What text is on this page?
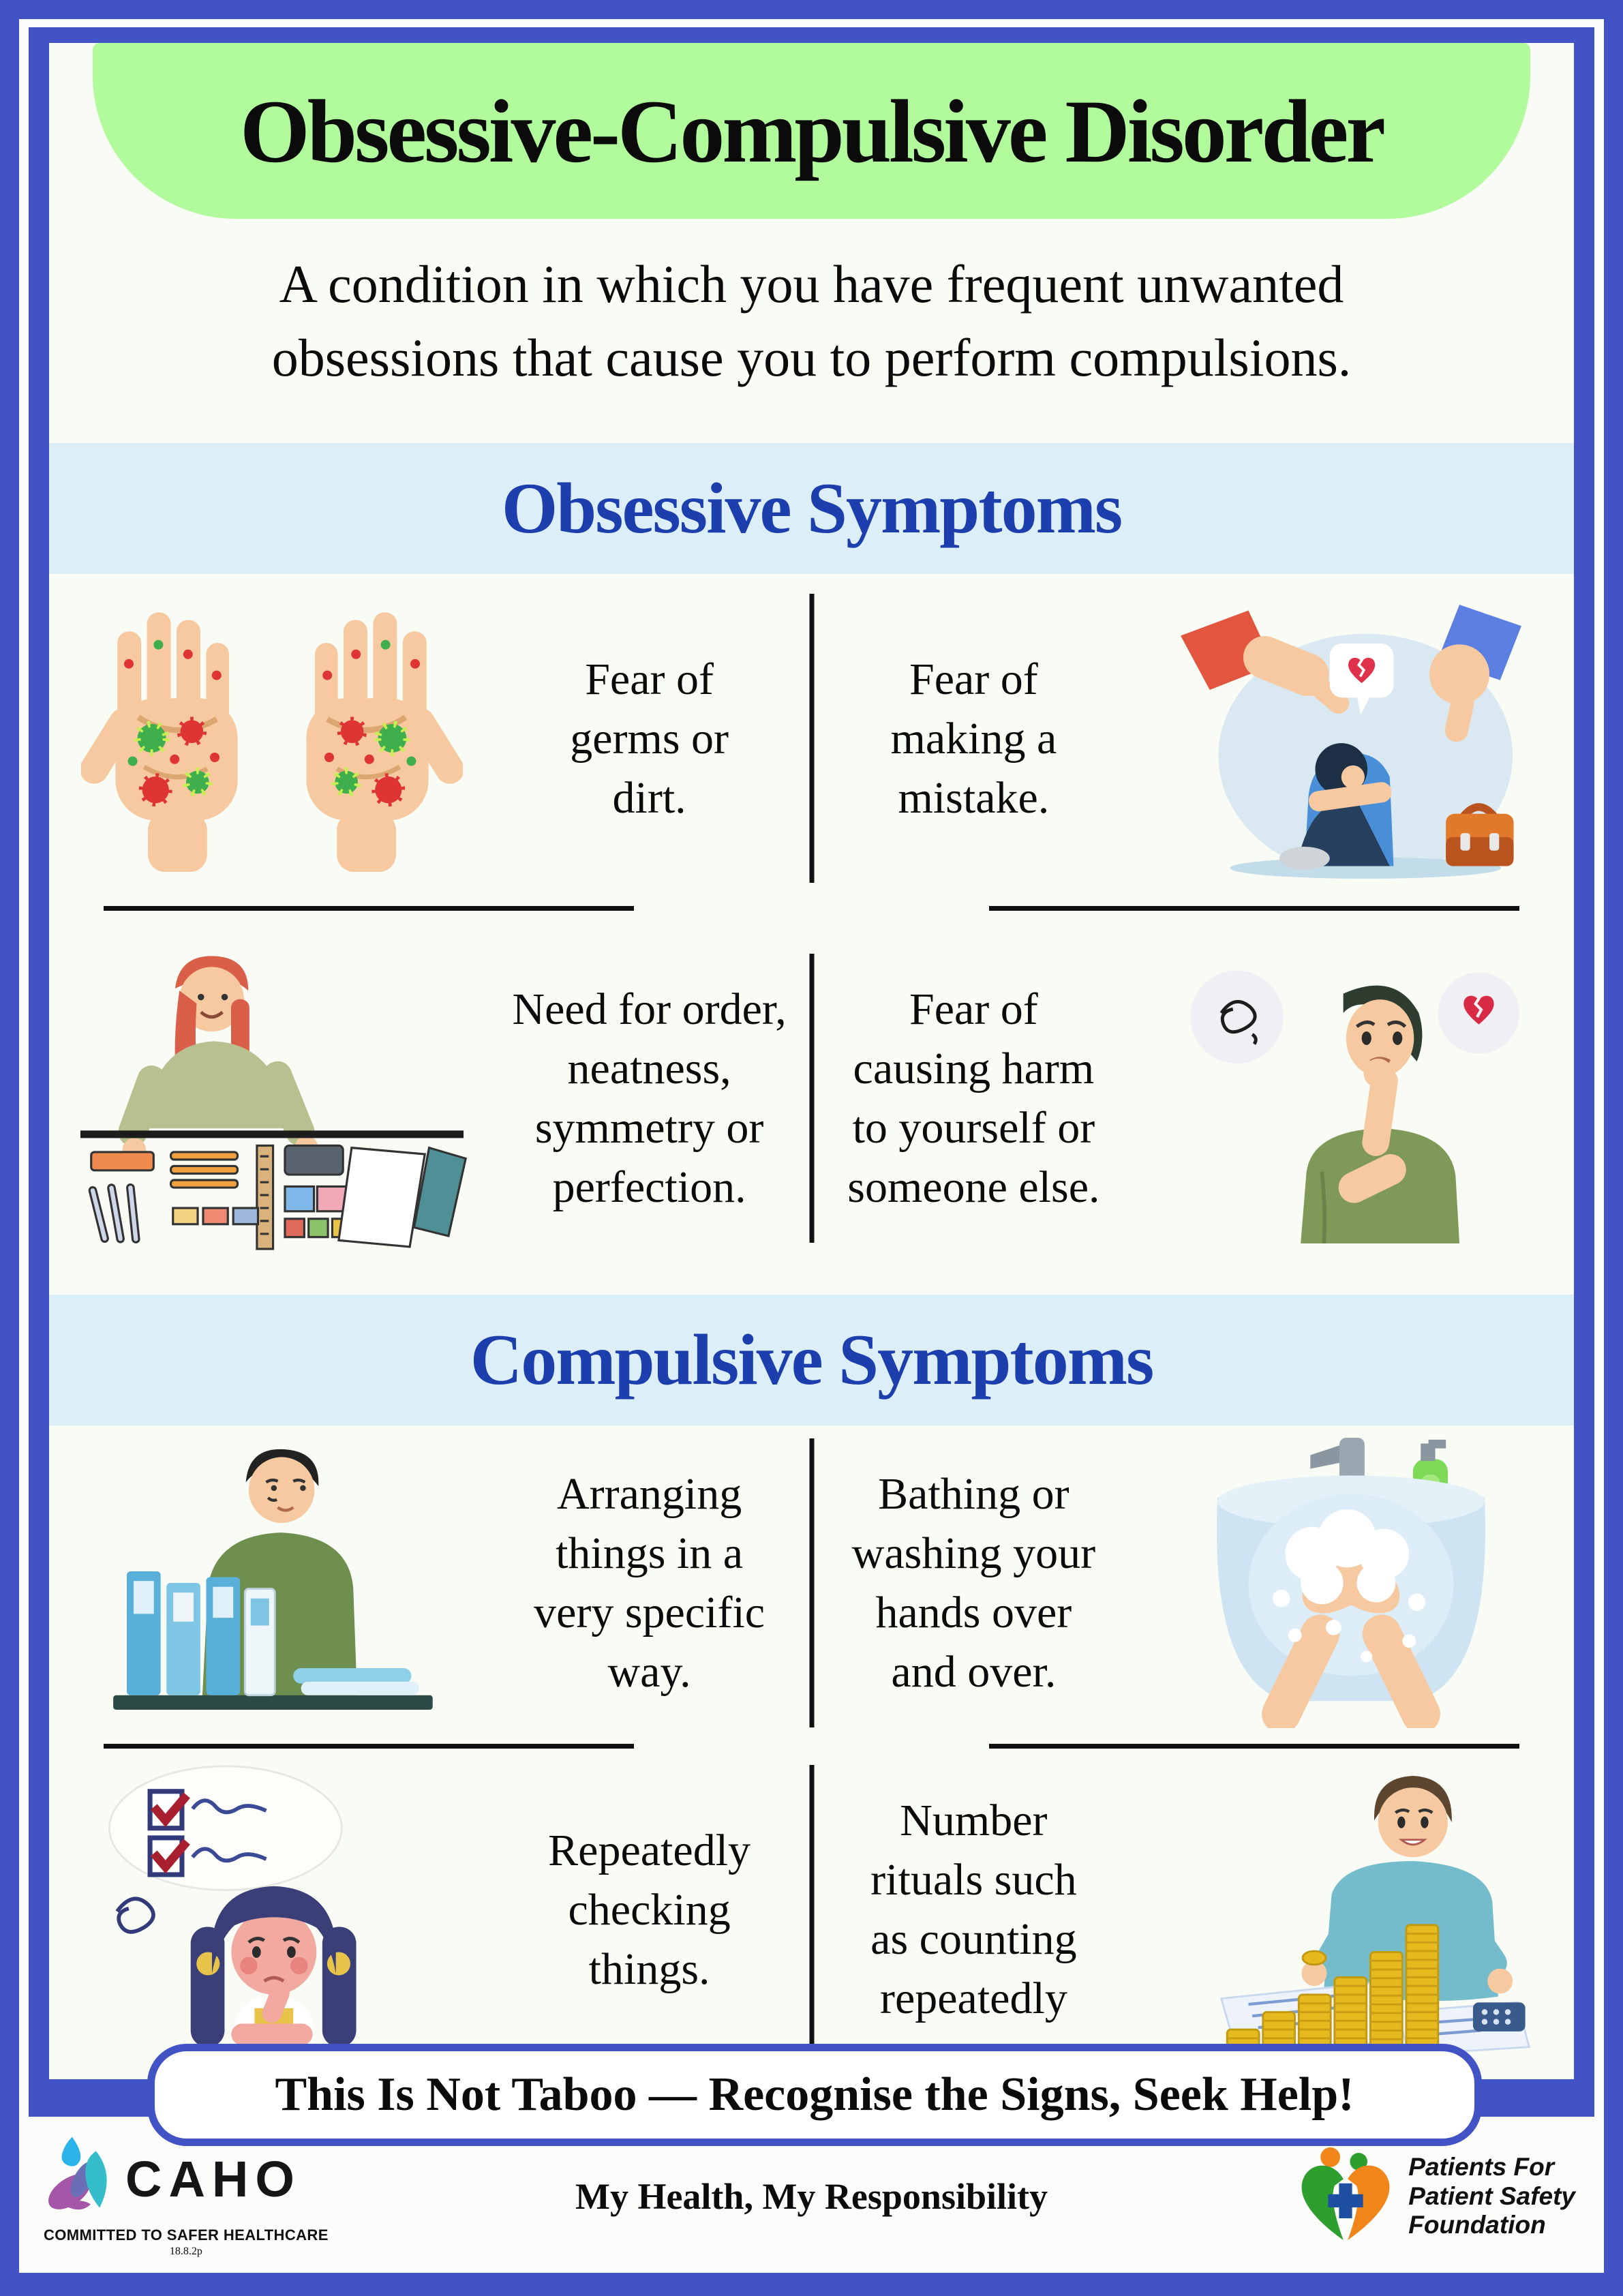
Obsessive-Compulsive Disorder

A condition in which you have frequent unwanted
obsessions that cause you to perform compulsions.

Obsessive Symptoms
Fear of
germs or
dirt.
Fear of
making a
mistake.
Need for order,
neatness,
symmetry or
perfection.
Fear of
causing harm
to yourself or
someone else.
Compulsive Symptoms
Arranging
things in a
very specific
way.
Bathing or
washing your
hands over
and over.
Repeatedly
checking
things.
Number
rituals such
as counting
repeatedly
This Is Not Taboo — Recognise the Signs, Seek Help!
CAHO
COMMITTED TO SAFER HEALTHCARE
18.8.2p
My Health, My Responsibility
Patients For
Patient Safety
Foundation
